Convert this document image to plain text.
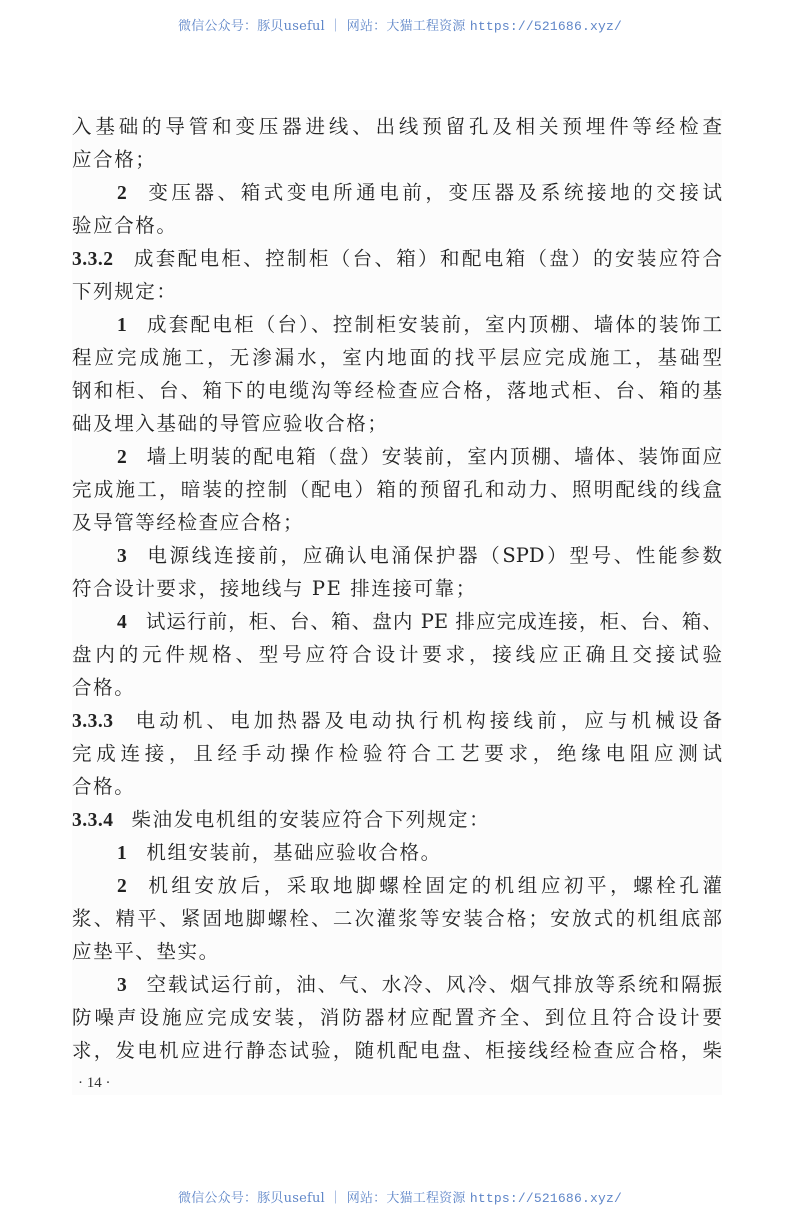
微信公众号：豚贝useful ｜ 网站：大猫工程资源 https://521686.xyz/
入基础的导管和变压器进线、出线预留孔及相关预埋件等经检查
应合格；
2 变压器、箱式变电所通电前，变压器及系统接地的交接试
验应合格。
3.3.2 成套配电柜、控制柜（台、箱）和配电箱（盘）的安装应符合
下列规定：
1 成套配电柜（台）、控制柜安装前，室内顶棚、墙体的装饰工
程应完成施工，无渗漏水，室内地面的找平层应完成施工，基础型
钢和柜、台、箱下的电缆沟等经检查应合格，落地式柜、台、箱的基
础及埋入基础的导管应验收合格；
2 墙上明装的配电箱（盘）安装前，室内顶棚、墙体、装饰面应
完成施工，暗装的控制（配电）箱的预留孔和动力、照明配线的线盒
及导管等经检查应合格；
3 电源线连接前，应确认电涌保护器（SPD）型号、性能参数
符合设计要求，接地线与 PE 排连接可靠；
4 试运行前，柜、台、箱、盘内 PE 排应完成连接，柜、台、箱、
盘内的元件规格、型号应符合设计要求，接线应正确且交接试验
合格。
3.3.3 电动机、电加热器及电动执行机构接线前，应与机械设备
完成连接，且经手动操作检验符合工艺要求，绝缘电阻应测试
合格。
3.3.4 柴油发电机组的安装应符合下列规定：
1 机组安装前，基础应验收合格。
2 机组安放后，采取地脚螺栓固定的机组应初平，螺栓孔灌
浆、精平、紧固地脚螺栓、二次灌浆等安装合格；安放式的机组底部
应垫平、垫实。
3 空载试运行前，油、气、水冷、风冷、烟气排放等系统和隔振
防噪声设施应完成安装，消防器材应配置齐全、到位且符合设计要
求，发电机应进行静态试验，随机配电盘、柜接线经检查应合格，柴
· 14 ·
微信公众号：豚贝useful ｜ 网站：大猫工程资源 https://521686.xyz/
